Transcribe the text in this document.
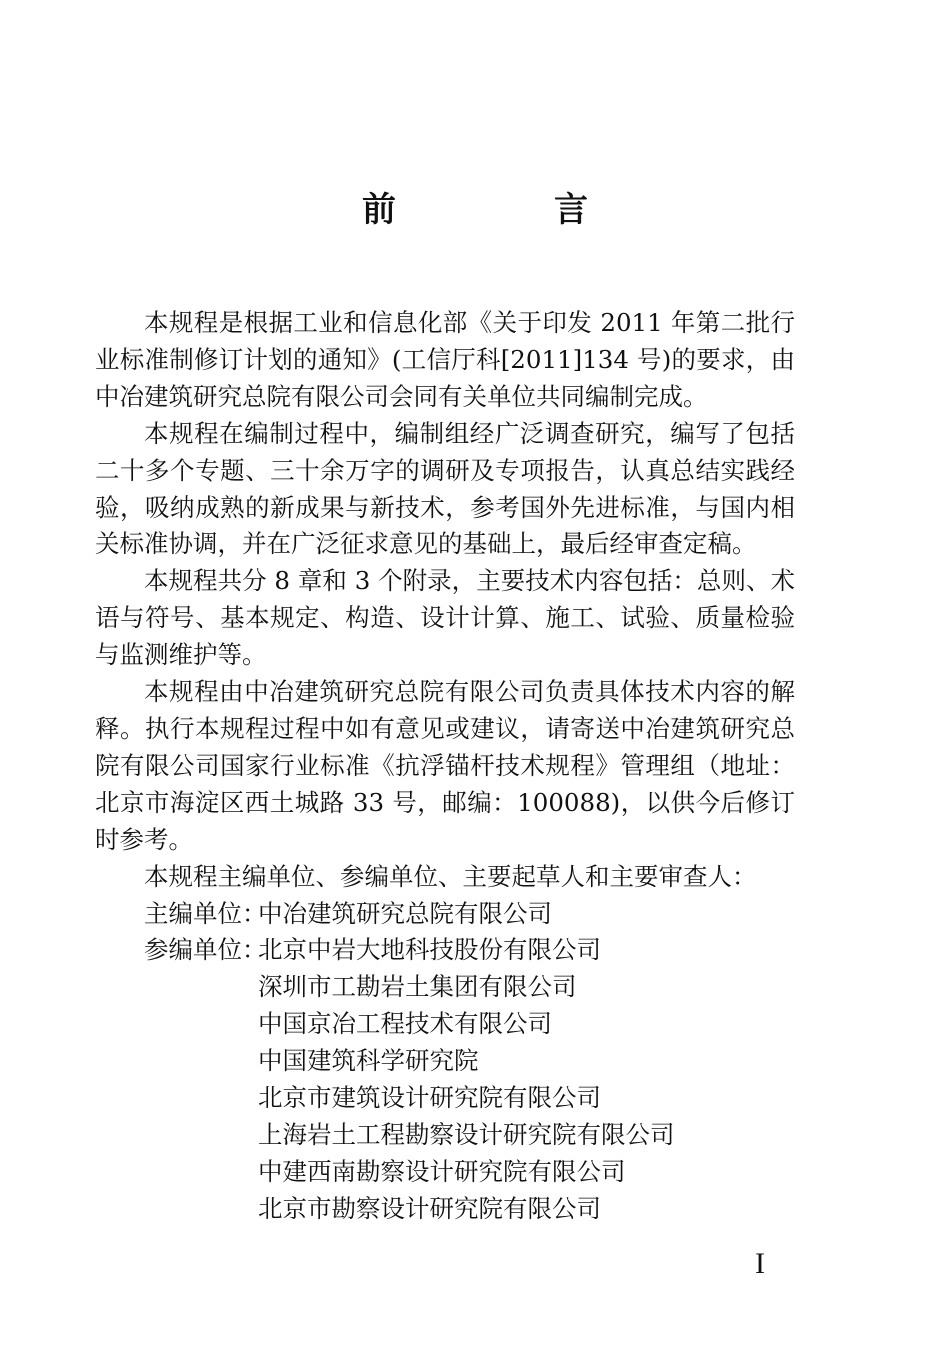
前　言

本规程是根据工业和信息化部《关于印发 2011 年第二批行业标准制修订计划的通知》(工信厅科[2011]134 号)的要求，由中冶建筑研究总院有限公司会同有关单位共同编制完成。

本规程在编制过程中，编制组经广泛调查研究，编写了包括二十多个专题、三十余万字的调研及专项报告，认真总结实践经验，吸纳成熟的新成果与新技术，参考国外先进标准，与国内相关标准协调，并在广泛征求意见的基础上，最后经审查定稿。

本规程共分 8 章和 3 个附录，主要技术内容包括：总则、术语与符号、基本规定、构造、设计计算、施工、试验、质量检验与监测维护等。

本规程由中冶建筑研究总院有限公司负责具体技术内容的解释。执行本规程过程中如有意见或建议，请寄送中冶建筑研究总院有限公司国家行业标准《抗浮锚杆技术规程》管理组（地址：北京市海淀区西土城路 33 号，邮编：100088)，以供今后修订时参考。

本规程主编单位、参编单位、主要起草人和主要审查人：

主编单位：
中冶建筑研究总院有限公司
参编单位：
北京中岩大地科技股份有限公司
深圳市工勘岩土集团有限公司
中国京冶工程技术有限公司
中国建筑科学研究院
北京市建筑设计研究院有限公司
上海岩土工程勘察设计研究院有限公司
中建西南勘察设计研究院有限公司
北京市勘察设计研究院有限公司

I
